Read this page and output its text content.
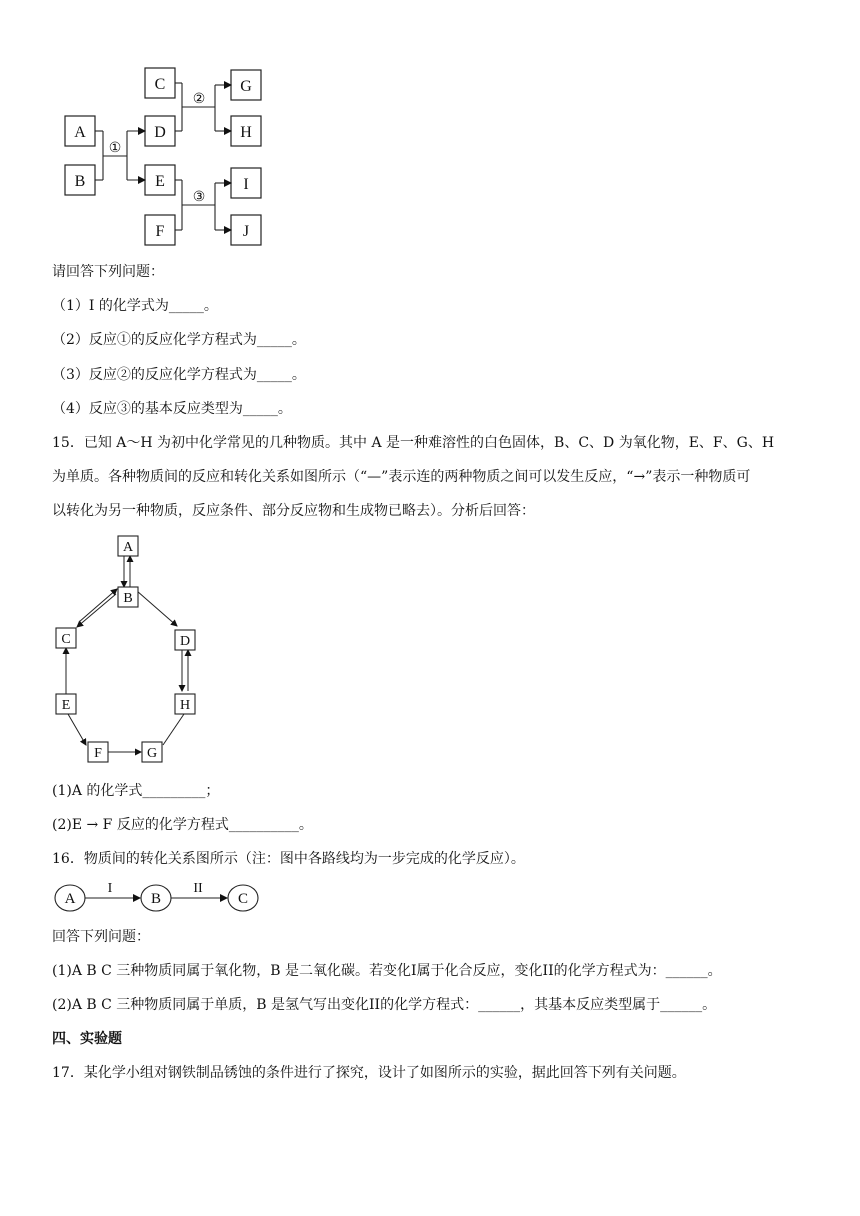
A
B
C
D
E
F
G
H
I
J
①
②
③
请回答下列问题：
（1）I 的化学式为_____。
（2）反应①的反应化学方程式为_____。
（3）反应②的反应化学方程式为_____。
（4）反应③的基本反应类型为_____。
15．已知 A～H 为初中化学常见的几种物质。其中 A 是一种难溶性的白色固体，B、C、D 为氧化物，E、F、G、H
为单质。各种物质间的反应和转化关系如图所示（“—”表示连的两种物质之间可以发生反应，“→”表示一种物质可
以转化为另一种物质，反应条件、部分反应物和生成物已略去）。分析后回答：
A
B
C	D
E	H
F	G
(1)A 的化学式_________；
(2)E → F 反应的化学方程式__________。
16．物质间的转化关系图所示（注：图中各路线均为一步完成的化学反应）。
A	B	C
I	II
回答下列问题：
(1)A B C 三种物质同属于氧化物，B 是二氧化碳。若变化I属于化合反应，变化II的化学方程式为：______。
(2)A B C 三种物质同属于单质，B 是氢气写出变化II的化学方程式：______，其基本反应类型属于______。
四、实验题
17．某化学小组对钢铁制品锈蚀的条件进行了探究，设计了如图所示的实验，据此回答下列有关问题。
